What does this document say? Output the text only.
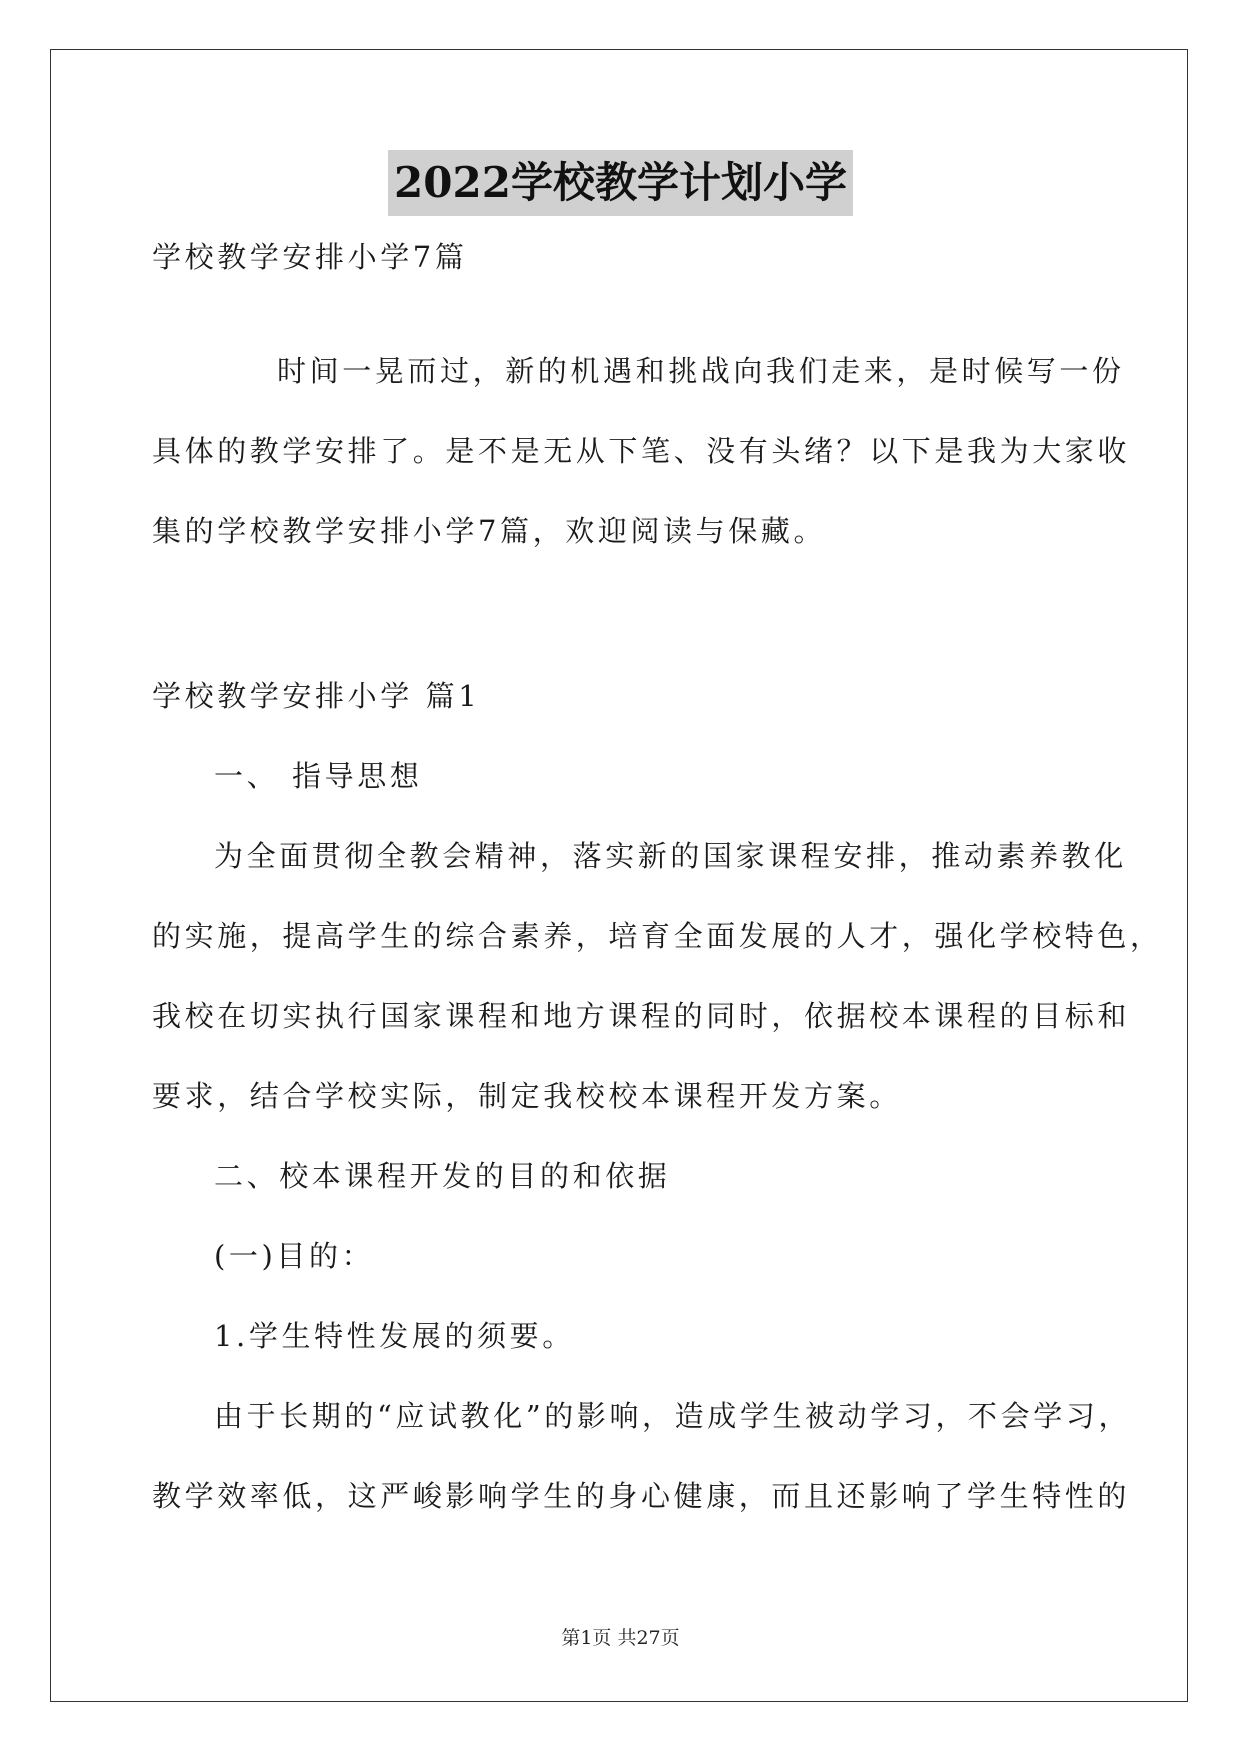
2022学校教学计划小学
学校教学安排小学7篇
时间一晃而过，新的机遇和挑战向我们走来，是时候写一份
具体的教学安排了。是不是无从下笔、没有头绪？以下是我为大家收
集的学校教学安排小学7篇，欢迎阅读与保藏。
学校教学安排小学 篇1
一、 指导思想
为全面贯彻全教会精神，落实新的国家课程安排，推动素养教化
的实施，提高学生的综合素养，培育全面发展的人才，强化学校特色，
我校在切实执行国家课程和地方课程的同时，依据校本课程的目标和
要求，结合学校实际，制定我校校本课程开发方案。
二、校本课程开发的目的和依据
(一)目的：
1.学生特性发展的须要。
由于长期的“应试教化”的影响，造成学生被动学习，不会学习，
教学效率低，这严峻影响学生的身心健康，而且还影响了学生特性的
第1页 共27页
